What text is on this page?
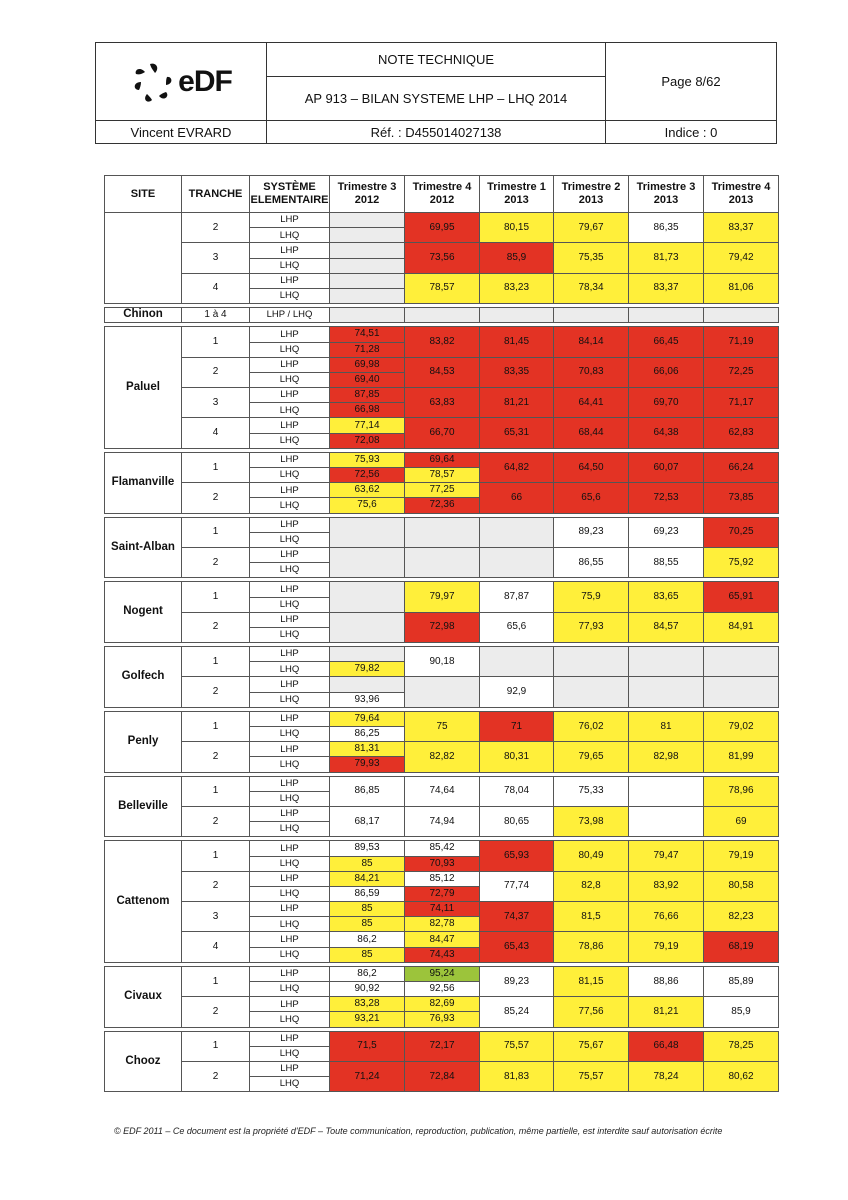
eDF	NOTE TECHNIQUE	Page 8/62
	AP 913 – BILAN SYSTEME LHP – LHQ 2014	
Vincent EVRARD	Réf. : D455014027138	Indice : 0
SITE	TRANCHE	SYSTÈME ELEMENTAIRE	Trimestre 3 2012	Trimestre 4 2012	Trimestre 1 2013	Trimestre 2 2013	Trimestre 3 2013	Trimestre 4 2013
	2	LHP		69,95	80,15	79,67	86,35	83,37
		LHQ						
	3	LHP		73,56	85,9	75,35	81,73	79,42
		LHQ						
	4	LHP		78,57	83,23	78,34	83,37	81,06
		LHQ						

Chinon	1 à 4	LHP / LHQ						

Paluel	1	LHP	74,51	83,82	81,45	84,14	66,45	71,19
		LHQ	71,28					
	2	LHP	69,98	84,53	83,35	70,83	66,06	72,25
		LHQ	69,40					
	3	LHP	87,85	63,83	81,21	64,41	69,70	71,17
		LHQ	66,98					
	4	LHP	77,14	66,70	65,31	68,44	64,38	62,83
		LHQ	72,08					

Flamanville	1	LHP	75,93	69,64	64,82	64,50	60,07	66,24
		LHQ	72,56	78,57				
	2	LHP	63,62	77,25	66	65,6	72,53	73,85
		LHQ	75,6	72,36				

Saint-Alban	1	LHP				89,23	69,23	70,25
		LHQ						
	2	LHP				86,55	88,55	75,92
		LHQ						

Nogent	1	LHP		79,97	87,87	75,9	83,65	65,91
		LHQ						
	2	LHP		72,98	65,6	77,93	84,57	84,91
		LHQ						

Golfech	1	LHP		90,18				
		LHQ	79,82					
	2	LHP			92,9			
		LHQ	93,96					

Penly	1	LHP	79,64	75	71	76,02	81	79,02
		LHQ	86,25					
	2	LHP	81,31	82,82	80,31	79,65	82,98	81,99
		LHQ	79,93					

Belleville	1	LHP	86,85	74,64	78,04	75,33		78,96
		LHQ						
	2	LHP	68,17	74,94	80,65	73,98		69
		LHQ						

Cattenom	1	LHP	89,53	85,42	65,93	80,49	79,47	79,19
		LHQ	85	70,93				
	2	LHP	84,21	85,12	77,74	82,8	83,92	80,58
		LHQ	86,59	72,79				
	3	LHP	85	74,11	74,37	81,5	76,66	82,23
		LHQ	85	82,78				
	4	LHP	86,2	84,47	65,43	78,86	79,19	68,19
		LHQ	85	74,43				

Civaux	1	LHP	86,2	95,24	89,23	81,15	88,86	85,89
		LHQ	90,92	92,56				
	2	LHP	83,28	82,69	85,24	77,56	81,21	85,9
		LHQ	93,21	76,93				

Chooz	1	LHP	71,5	72,17	75,57	75,67	66,48	78,25
		LHQ						
	2	LHP	71,24	72,84	81,83	75,57	78,24	80,62
		LHQ						
© EDF 2011 – Ce document est la propriété d'EDF – Toute communication, reproduction, publication, même partielle, est interdite sauf autorisation écrite
